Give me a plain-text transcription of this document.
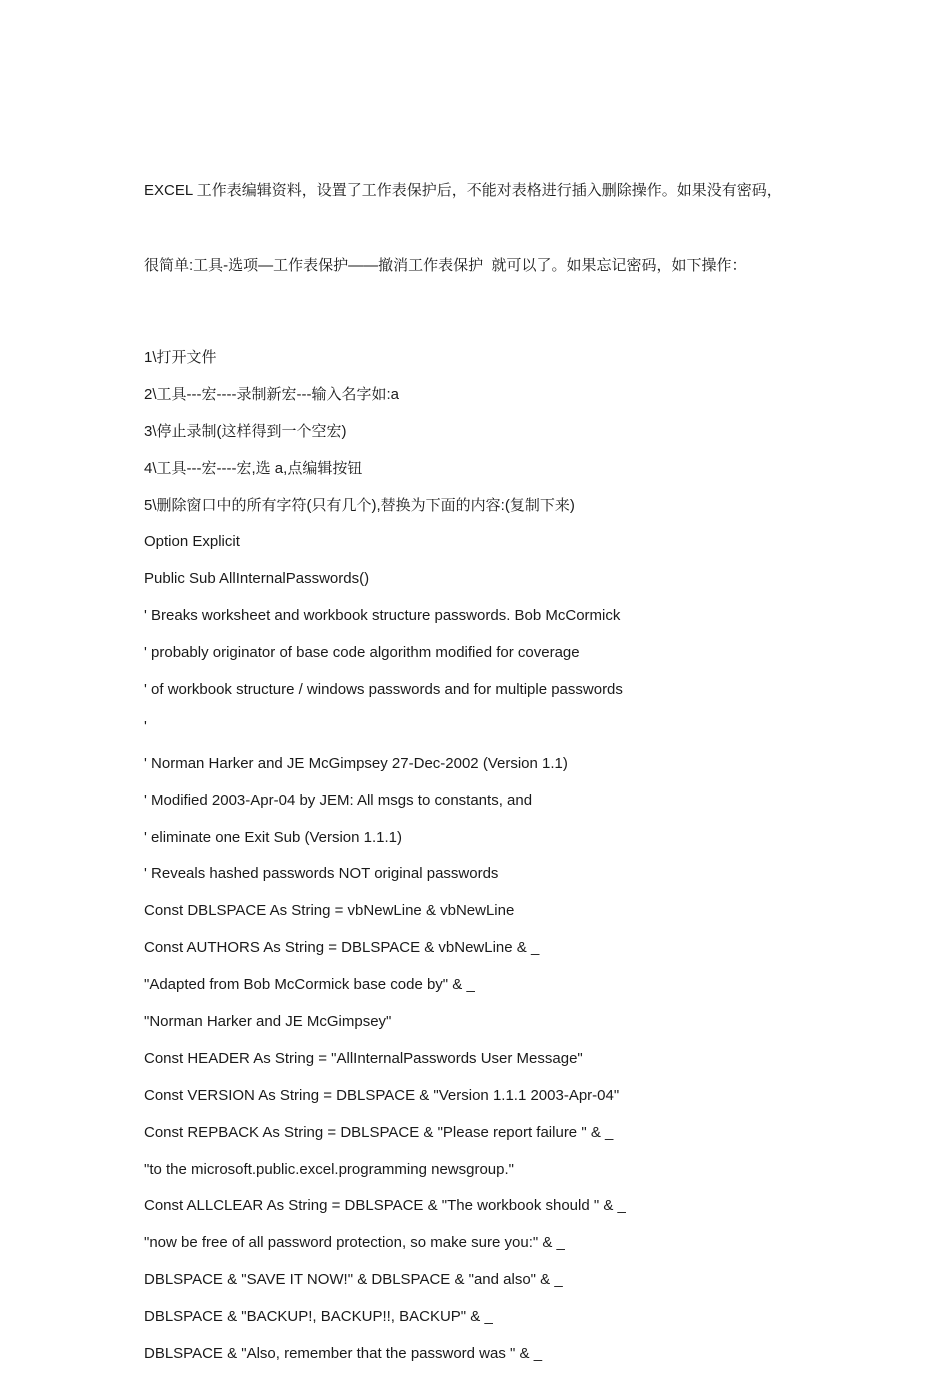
EXCEL 工作表编辑资料，设置了工作表保护后，不能对表格进行插入删除操作。如果没有密码，

很简单:工具-选项—工作表保护——撤消工作表保护  就可以了。如果忘记密码，如下操作：

1\打开文件
2\工具---宏----录制新宏---输入名字如:a
3\停止录制(这样得到一个空宏)
4\工具---宏----宏,选 a,点编辑按钮
5\删除窗口中的所有字符(只有几个),替换为下面的内容:(复制下来)
Option Explicit
Public Sub AllInternalPasswords()
' Breaks worksheet and workbook structure passwords. Bob McCormick
' probably originator of base code algorithm modified for coverage
' of workbook structure / windows passwords and for multiple passwords
'
' Norman Harker and JE McGimpsey 27-Dec-2002 (Version 1.1)
' Modified 2003-Apr-04 by JEM: All msgs to constants, and
' eliminate one Exit Sub (Version 1.1.1)
' Reveals hashed passwords NOT original passwords
Const DBLSPACE As String = vbNewLine & vbNewLine
Const AUTHORS As String = DBLSPACE & vbNewLine & _
"Adapted from Bob McCormick base code by" & _
"Norman Harker and JE McGimpsey"
Const HEADER As String = "AllInternalPasswords User Message"
Const VERSION As String = DBLSPACE & "Version 1.1.1 2003-Apr-04"
Const REPBACK As String = DBLSPACE & "Please report failure " & _
"to the microsoft.public.excel.programming newsgroup."
Const ALLCLEAR As String = DBLSPACE & "The workbook should " & _
"now be free of all password protection, so make sure you:" & _
DBLSPACE & "SAVE IT NOW!" & DBLSPACE & "and also" & _
DBLSPACE & "BACKUP!, BACKUP!!, BACKUP" & _
DBLSPACE & "Also, remember that the password was " & _
